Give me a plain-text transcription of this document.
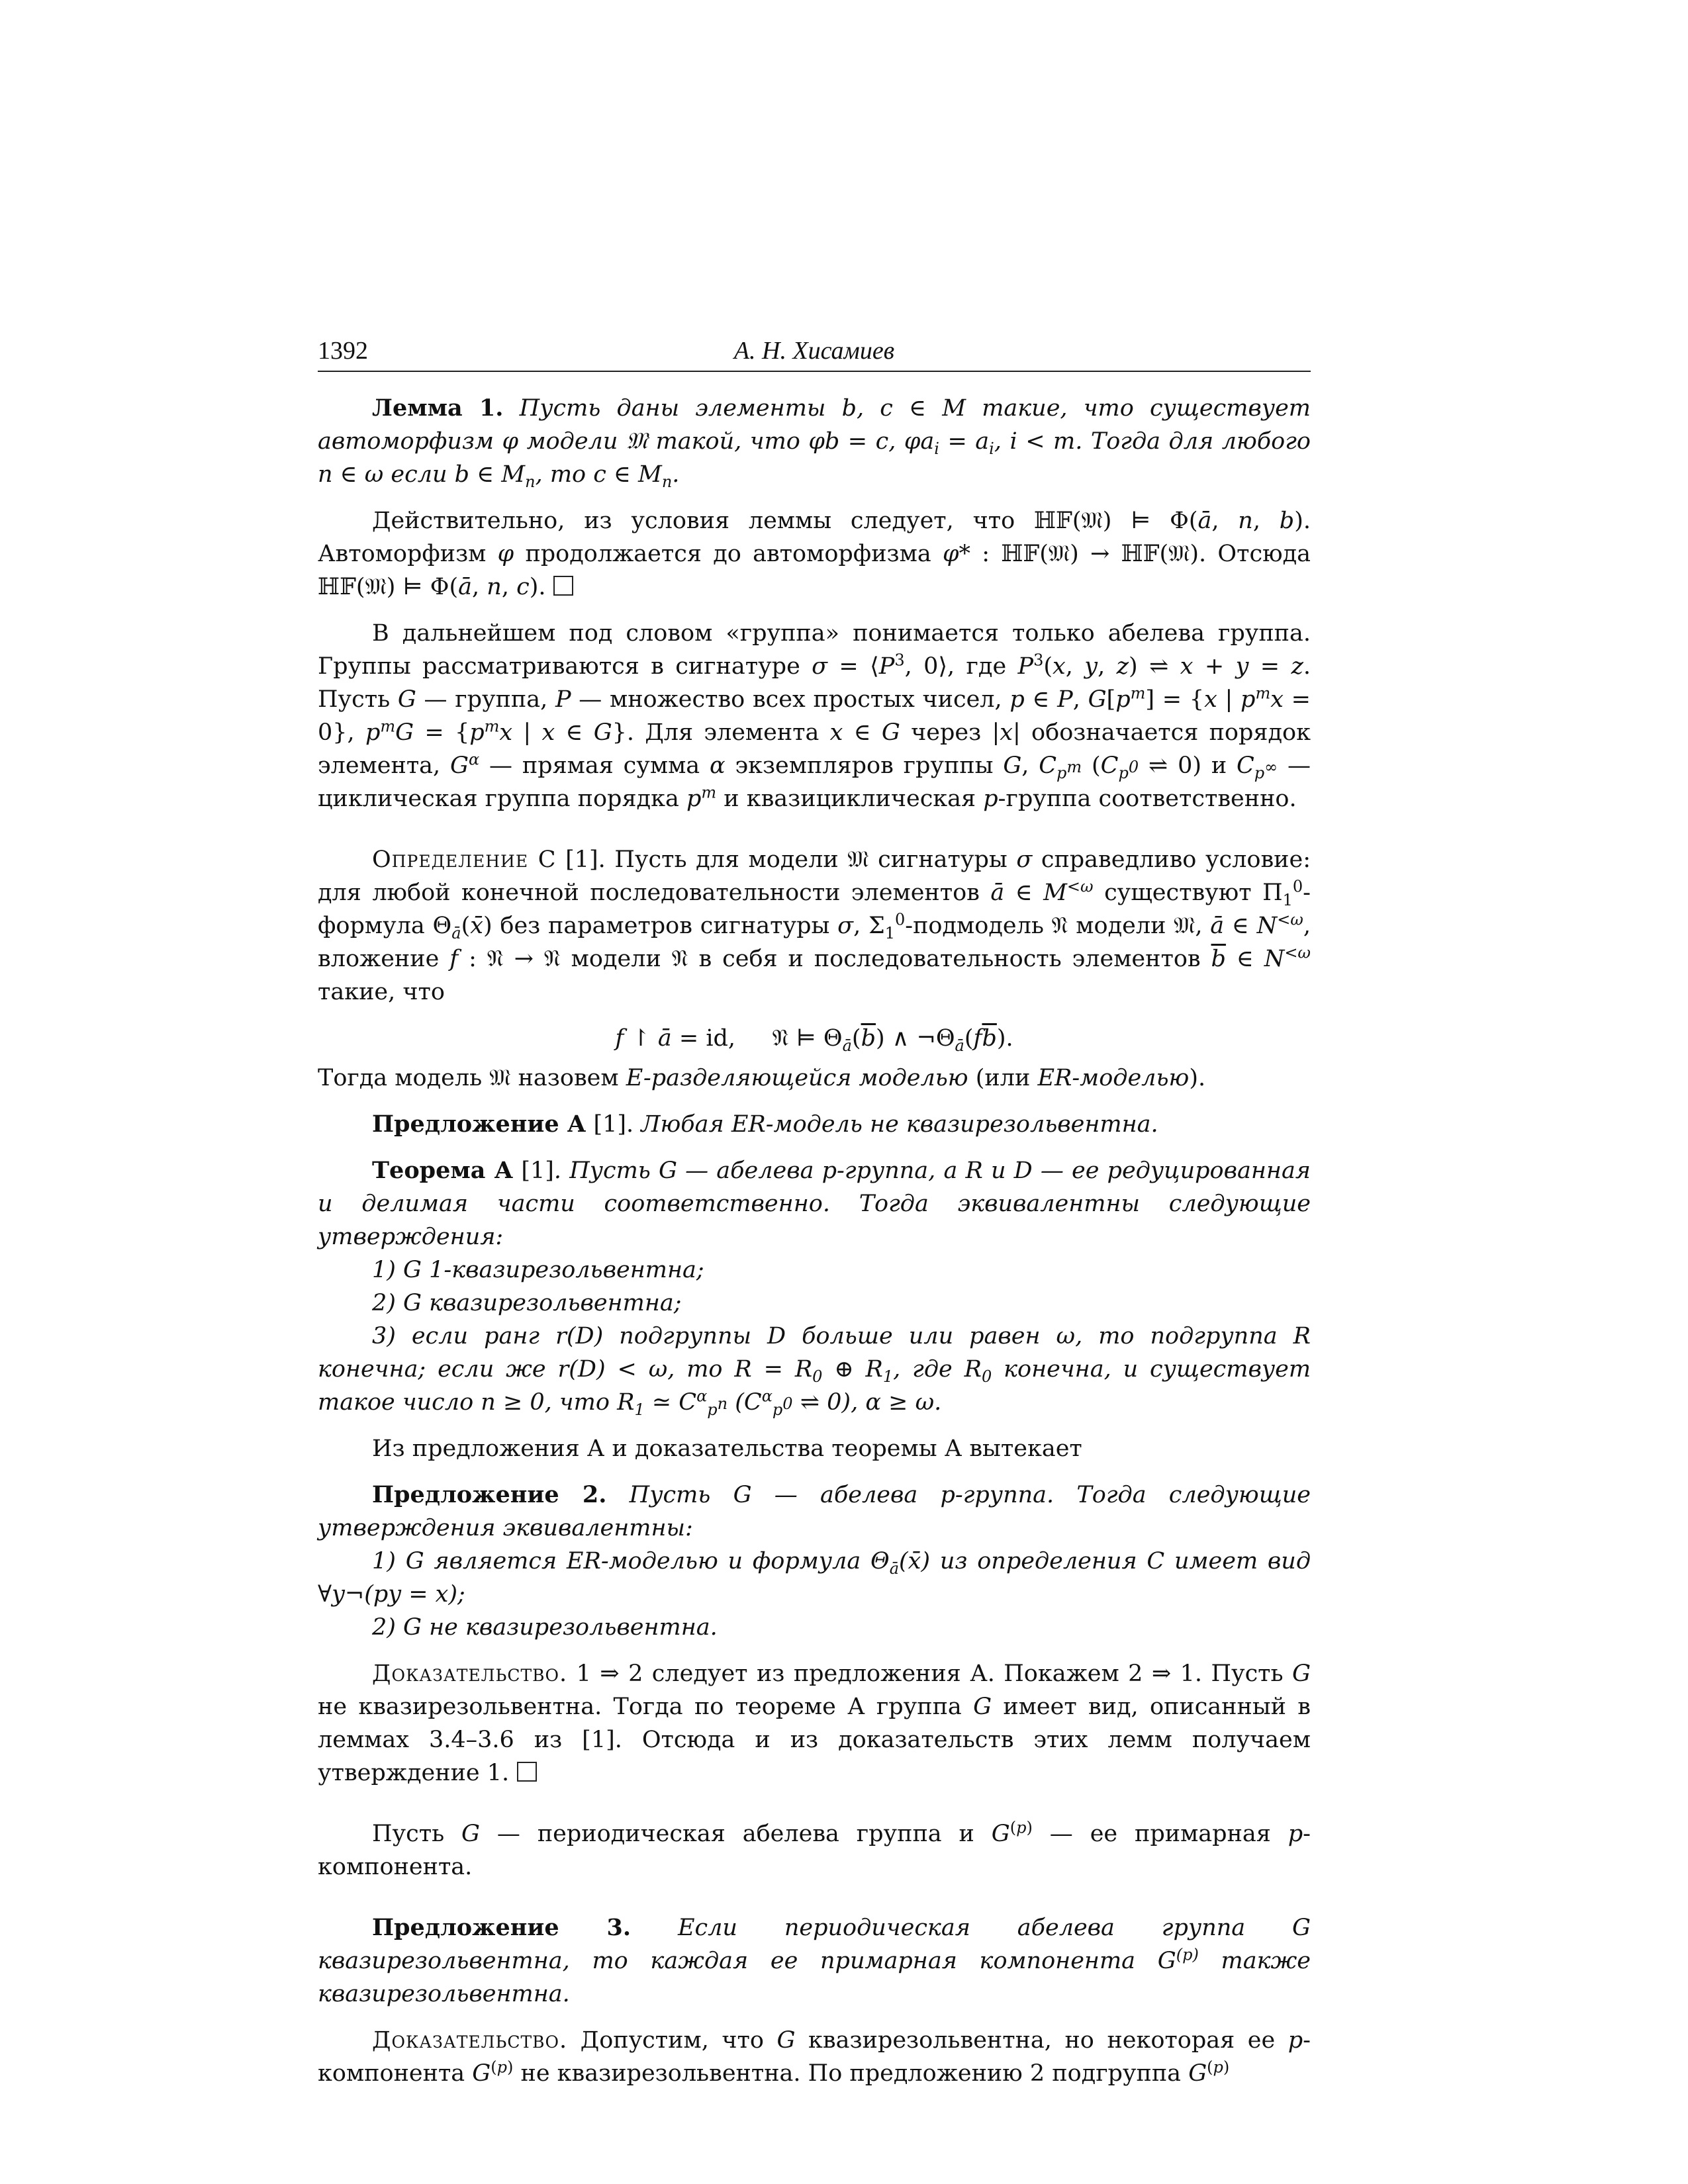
1392	А. Н. Хисамиев

Лемма 1. Пусть даны элементы b, c ∈ M такие, что существует автоморфизм φ модели 𝔐 такой, что φb = c, $\varphi a_i = a_i$, i < m. Тогда для любого n ∈ ω если b ∈ $M_n$, то c ∈ $M_n$.

Действительно, из условия леммы следует, что ℍ𝔽(𝔐) ⊨ Φ(ā, n, b). Автоморфизм φ продолжается до автоморфизма φ* : ℍ𝔽(𝔐) → ℍ𝔽(𝔐). Отсюда ℍ𝔽(𝔐) ⊨ Φ(ā, n, c).

В дальнейшем под словом «группа» понимается только абелева группа. Группы рассматриваются в сигнатуре $\sigma = ⟨P^3$, 0⟩, где $P^3(x$, y, z) ⇌ x + y = z. Пусть G — группа, P — множество всех простых чисел, p ∈ P, $G[p^m] = \{x$ | $p^mx = 0$}, $p^mG = \{p^mx$ | x ∈ G}. Для элемента x ∈ G через |x| обозначается порядок элемента, $G^\alpha$ — прямая сумма α экземпляров группы G, $C_{p^m}$ ($C_{p^0}$ ⇌ 0) и $C_{p^\infty}$ — циклическая группа порядка $p^m$ и квазициклическая p-группа соответственно.

Определение С [1]. Пусть для модели 𝔐 сигнатуры σ справедливо условие: для любой конечной последовательности элементов ā ∈ $M^{<\omega}$ существуют $\Pi_1^0$-формула $\Theta_ā(x̄)$ без параметров сигнатуры σ, $\Sigma_1^0$-подмодель 𝔑 модели 𝔐, ā ∈ $N^{<\omega}$, вложение f : 𝔑 → 𝔑 модели 𝔑 в себя и последовательность элементов $\overline{b}$ ∈ $N^{<\omega}$ такие, что

f ↾ ā = id,     𝔑 ⊨ $\Theta_ā(\overline{b})$ ∧ $\neg\Theta_ā(f\overline{b})$.

Тогда модель 𝔐 назовем E-разделяющейся моделью (или ER-моделью).

Предложение А [1]. Любая ER-модель не квазирезольвентна.

Теорема А [1]. Пусть G — абелева p-группа, а R и D — ее редуцированная и делимая части соответственно. Тогда эквивалентны следующие утверждения:

1) G 1-квазирезольвентна;

2) G квазирезольвентна;

3) если ранг r(D) подгруппы D больше или равен ω, то подгруппа R конечна; если же r(D) < ω, то $R = R_0$ ⊕ $R_1$, где $R_0$ конечна, и существует такое число n ≥ 0, что $R_1$ ≃ $C^\alpha_{p^n}$ ($C^\alpha_{p^0}$ ⇌ 0), α ≥ ω.

Из предложения А и доказательства теоремы А вытекает

Предложение 2. Пусть G — абелева p-группа. Тогда следующие утверждения эквивалентны:

1) G является ER-моделью и формула $\Theta_ā(x̄)$ из определения С имеет вид ∀y¬(py = x);

2) G не квазирезольвентна.

Доказательство. 1 ⇒ 2 следует из предложения А. Покажем 2 ⇒ 1. Пусть G не квазирезольвентна. Тогда по теореме А группа G имеет вид, описанный в леммах 3.4–3.6 из [1]. Отсюда и из доказательств этих лемм получаем утверждение 1.

Пусть G — периодическая абелева группа и $G^{(p)}$ — ее примарная p-компонента.

Предложение 3. Если периодическая абелева группа G квазирезольвентна, то каждая ее примарная компонента $G^{(p)}$ также квазирезольвентна.

Доказательство. Допустим, что G квазирезольвентна, но некоторая ее p-компонента $G^{(p)}$ не квазирезольвентна. По предложению 2 подгруппа $G^{(p)}$
